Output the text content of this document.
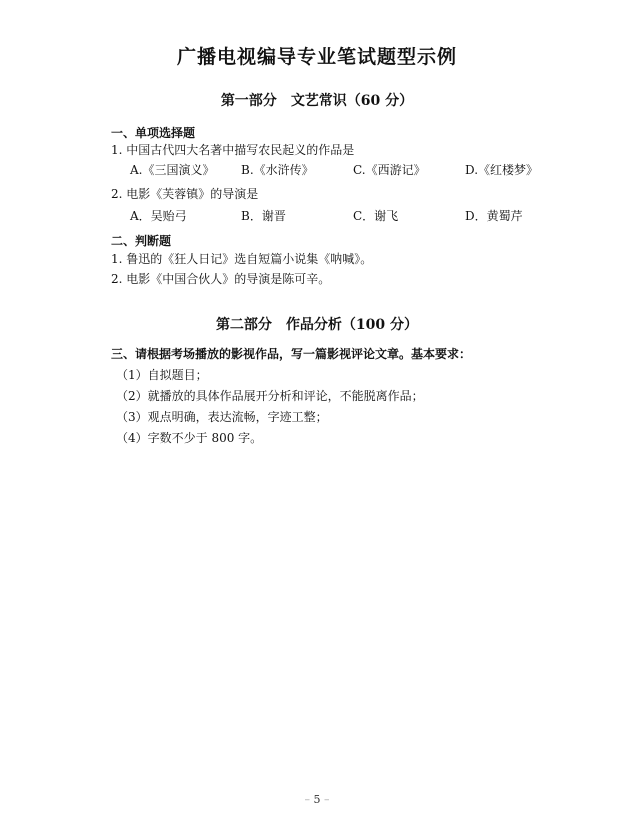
广播电视编导专业笔试题型示例
第一部分 文艺常识（60 分）
一、单项选择题
1. 中国古代四大名著中描写农民起义的作品是
A.《三国演义》 B.《水浒传》	C.《西游记》	D.《红楼梦》
2. 电影《芙蓉镇》的导演是
A．吴贻弓	B．谢晋	C．谢飞	D．黄蜀芹
二、判断题
1. 鲁迅的《狂人日记》选自短篇小说集《呐喊》。
2. 电影《中国合伙人》的导演是陈可辛。
第二部分 作品分析（100 分）
三、请根据考场播放的影视作品，写一篇影视评论文章。基本要求：
（1）自拟题目；
（2）就播放的具体作品展开分析和评论，不能脱离作品；
（3）观点明确，表达流畅，字迹工整；
（4）字数不少于 800 字。
– 5 –
